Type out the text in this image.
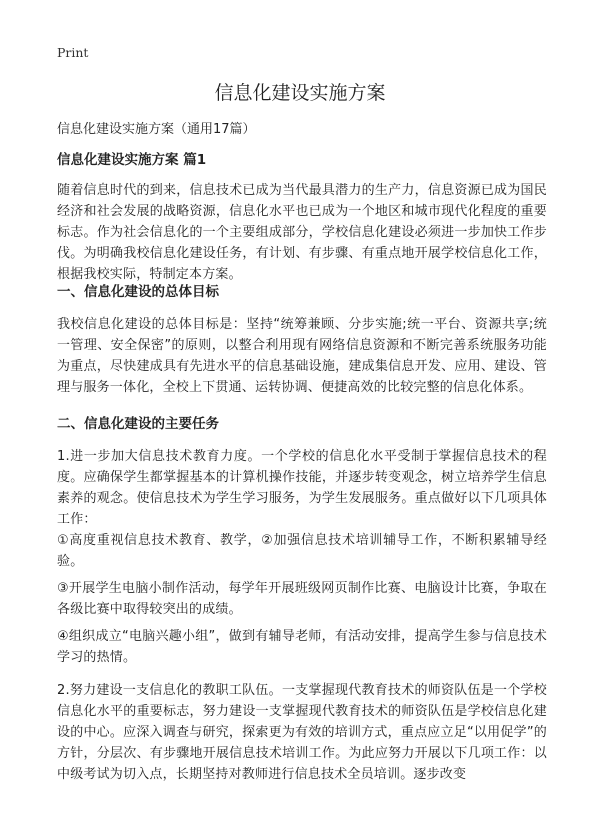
Print
信息化建设实施方案

信息化建设实施方案（通用17篇）

信息化建设实施方案 篇1

随着信息时代的到来，信息技术已成为当代最具潜力的生产力，信息资源已成为国民经济和社会发展的战略资源，信息化水平也已成为一个地区和城市现代化程度的重要标志。作为社会信息化的一个主要组成部分，学校信息化建设必须进一步加快工作步伐。为明确我校信息化建设任务，有计划、有步骤、有重点地开展学校信息化工作，根据我校实际，特制定本方案。

一、信息化建设的总体目标

我校信息化建设的总体目标是：坚持“统筹兼顾、分步实施;统一平台、资源共享;统一管理、安全保密”的原则，以整合利用现有网络信息资源和不断完善系统服务功能为重点，尽快建成具有先进水平的信息基础设施，建成集信息开发、应用、建设、管理与服务一体化，全校上下贯通、运转协调、便捷高效的比较完整的信息化体系。

二、信息化建设的主要任务

1.进一步加大信息技术教育力度。一个学校的信息化水平受制于掌握信息技术的程度。应确保学生都掌握基本的计算机操作技能，并逐步转变观念，树立培养学生信息素养的观念。使信息技术为学生学习服务，为学生发展服务。重点做好以下几项具体工作：

①高度重视信息技术教育、教学，②加强信息技术培训辅导工作，不断积累辅导经验。

③开展学生电脑小制作活动，每学年开展班级网页制作比赛、电脑设计比赛，争取在各级比赛中取得较突出的成绩。

④组织成立“电脑兴趣小组”，做到有辅导老师，有活动安排，提高学生参与信息技术学习的热情。

2.努力建设一支信息化的教职工队伍。一支掌握现代教育技术的师资队伍是一个学校信息化水平的重要标志，努力建设一支掌握现代教育技术的师资队伍是学校信息化建设的中心。应深入调查与研究，探索更为有效的培训方式，重点应立足“以用促学”的方针，分层次、有步骤地开展信息技术培训工作。为此应努力开展以下几项工作：以中级考试为切入点，长期坚持对教师进行信息技术全员培训。逐步改变
